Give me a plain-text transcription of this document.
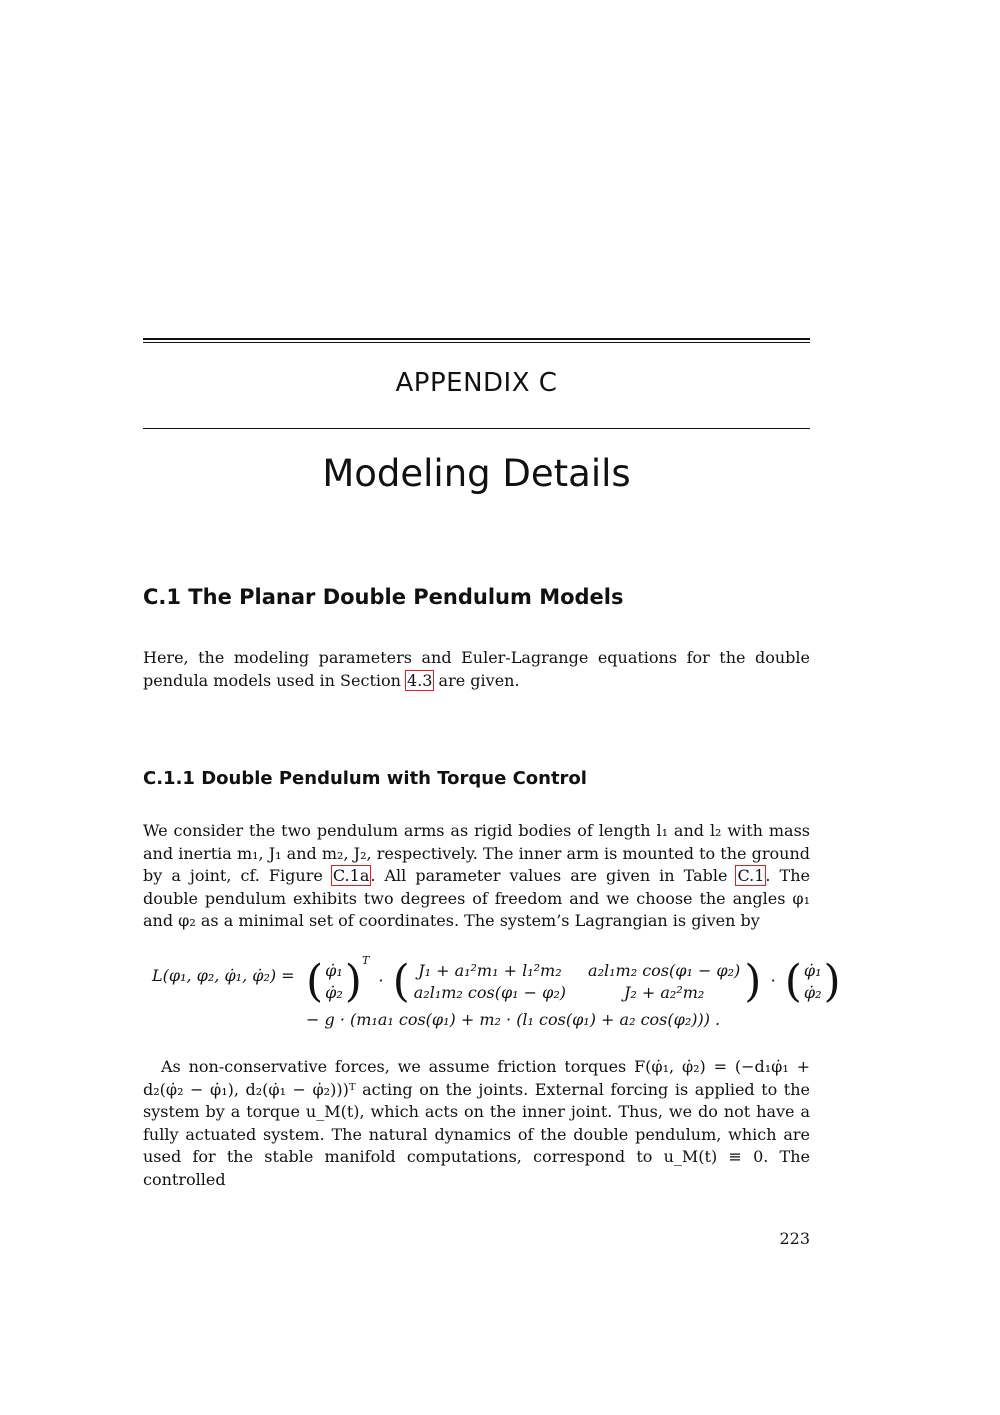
APPENDIX C
Modeling Details
C.1 The Planar Double Pendulum Models

Here, the modeling parameters and Euler-Lagrange equations for the double pendula models used in Section 4.3 are given.

C.1.1 Double Pendulum with Torque Control

We consider the two pendulum arms as rigid bodies of length l₁ and l₂ with mass and inertia m₁, J₁ and m₂, J₂, respectively. The inner arm is mounted to the ground by a joint, cf. Figure C.1a. All parameter values are given in Table C.1. The double pendulum exhibits two degrees of freedom and we choose the angles φ₁ and φ₂ as a minimal set of coordinates. The system’s Lagrangian is given by

L(φ₁, φ₂, φ̇₁, φ̇₂) = ( φ̇₁
φ̇₂ ) $^T$ · ( J₁ + a₁²m₁ + l₁²m₂ a₂l₁m₂ cos(φ₁ − φ₂)
a₂l₁m₂ cos(φ₁ − φ₂)	J₂ + a₂²m₂ ) · ( φ̇₁
φ̇₂ )
− g · (m₁a₁ cos(φ₁) + m₂ · (l₁ cos(φ₁) + a₂ cos(φ₂))) .

As non-conservative forces, we assume friction torques F(φ̇₁, φ̇₂) = (−d₁φ̇₁ + d₂(φ̇₂ − φ̇₁), d₂(φ̇₁ − φ̇₂)))ᵀ acting on the joints. External forcing is applied to the system by a torque u_M(t), which acts on the inner joint. Thus, we do not have a fully actuated system. The natural dynamics of the double pendulum, which are used for the stable manifold computations, correspond to u_M(t) ≡ 0. The controlled

223
